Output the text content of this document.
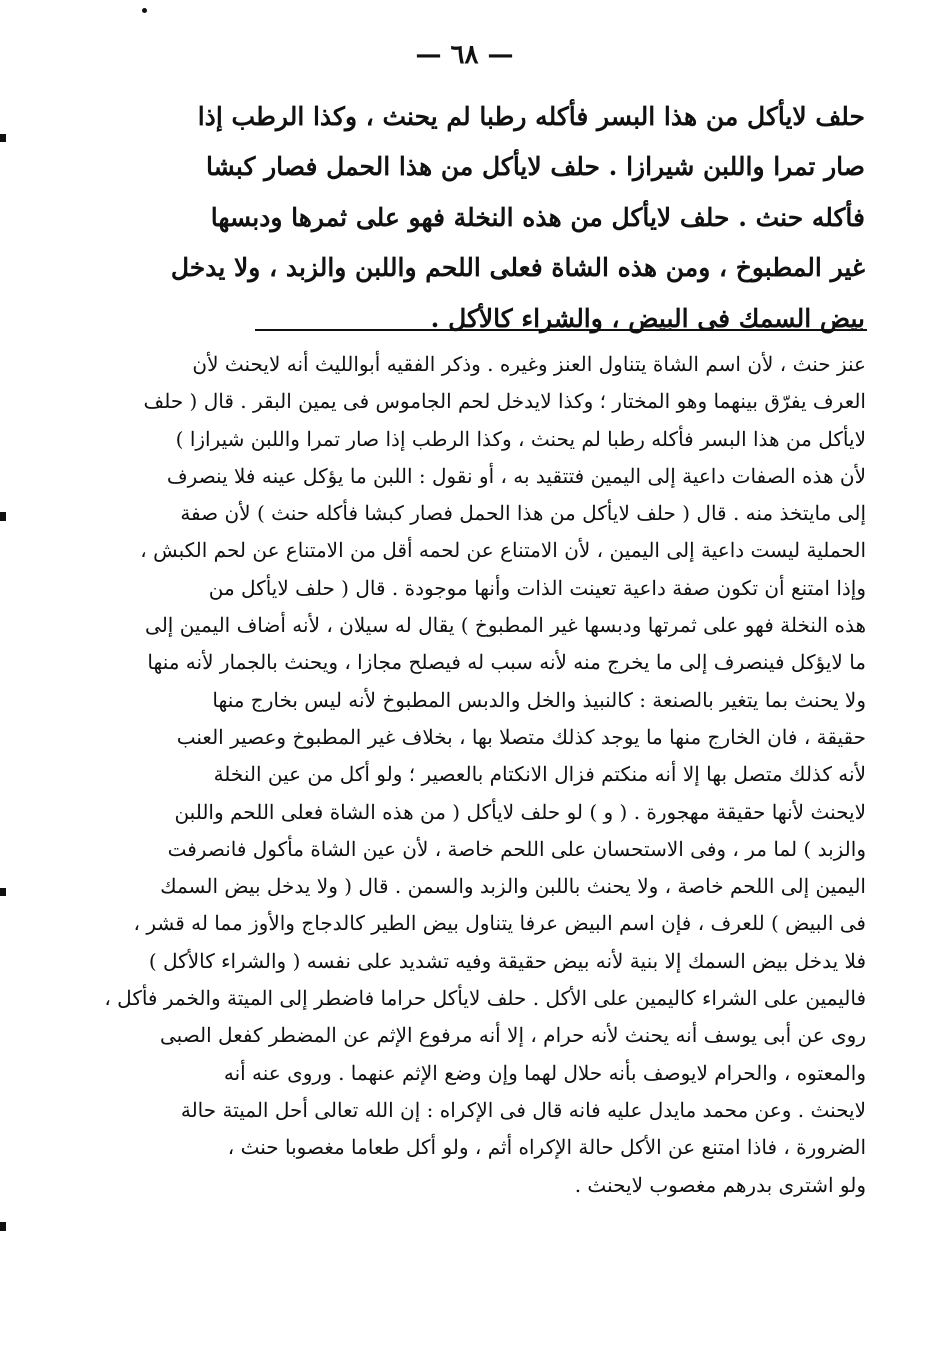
— ٦٨ —

حلف لايأكل من هذا البسر فأكله رطبا لم يحنث ، وكذا الرطب إذا

صار تمرا واللبن شيرازا . حلف لايأكل من هذا الحمل فصار كبشا

فأكله حنث . حلف لايأكل من هذه النخلة فهو على ثمرها ودبسها

غير المطبوخ ، ومن هذه الشاة فعلى اللحم واللبن والزبد ، ولا يدخل

بيض السمك فى البيض ، والشراء كالأكل .

عنز حنث ، لأن اسم الشاة يتناول العنز وغيره . وذكر الفقيه أبوالليث أنه لايحنث لأن

العرف يفرّق بينهما وهو المختار ؛ وكذا لايدخل لحم الجاموس فى يمين البقر . قال ( حلف

لايأكل من هذا البسر فأكله رطبا لم يحنث ، وكذا الرطب إذا صار تمرا واللبن شيرازا )

لأن هذه الصفات داعية إلى اليمين فتتقيد به ، أو نقول : اللبن ما يؤكل عينه فلا ينصرف

إلى مايتخذ منه . قال ( حلف لايأكل من هذا الحمل فصار كبشا فأكله حنث ) لأن صفة

الحملية ليست داعية إلى اليمين ، لأن الامتناع عن لحمه أقل من الامتناع عن لحم الكبش ،

وإذا امتنع أن تكون صفة داعية تعينت الذات وأنها موجودة . قال ( حلف لايأكل من

هذه النخلة فهو على ثمرتها ودبسها غير المطبوخ ) يقال له سيلان ، لأنه أضاف اليمين إلى

ما لايؤكل فينصرف إلى ما يخرج منه لأنه سبب له فيصلح مجازا ، ويحنث بالجمار لأنه منها

ولا يحنث بما يتغير بالصنعة : كالنبيذ والخل والدبس المطبوخ لأنه ليس بخارج منها

حقيقة ، فان الخارج منها ما يوجد كذلك متصلا بها ، بخلاف غير المطبوخ وعصير العنب

لأنه كذلك متصل بها إلا أنه منكتم فزال الانكتام بالعصير ؛ ولو أكل من عين النخلة

لايحنث لأنها حقيقة مهجورة . ( و ) لو حلف لايأكل ( من هذه الشاة فعلى اللحم واللبن

والزبد ) لما مر ، وفى الاستحسان على اللحم خاصة ، لأن عين الشاة مأكول فانصرفت

اليمين إلى اللحم خاصة ، ولا يحنث باللبن والزبد والسمن . قال ( ولا يدخل بيض السمك

فى البيض ) للعرف ، فإن اسم البيض عرفا يتناول بيض الطير كالدجاج والأوز مما له قشر ،

فلا يدخل بيض السمك إلا بنية لأنه بيض حقيقة وفيه تشديد على نفسه ( والشراء كالأكل )

فاليمين على الشراء كاليمين على الأكل . حلف لايأكل حراما فاضطر إلى الميتة والخمر فأكل ،

روى عن أبى يوسف أنه يحنث لأنه حرام ، إلا أنه مرفوع الإثم عن المضطر كفعل الصبى

والمعتوه ، والحرام لايوصف بأنه حلال لهما وإن وضع الإثم عنهما . وروى عنه أنه

لايحنث . وعن محمد مايدل عليه فانه قال فى الإكراه : إن الله تعالى أحل الميتة حالة

الضرورة ، فاذا امتنع عن الأكل حالة الإكراه أثم ، ولو أكل طعاما مغصوبا حنث ،

ولو اشترى بدرهم مغصوب لايحنث .
